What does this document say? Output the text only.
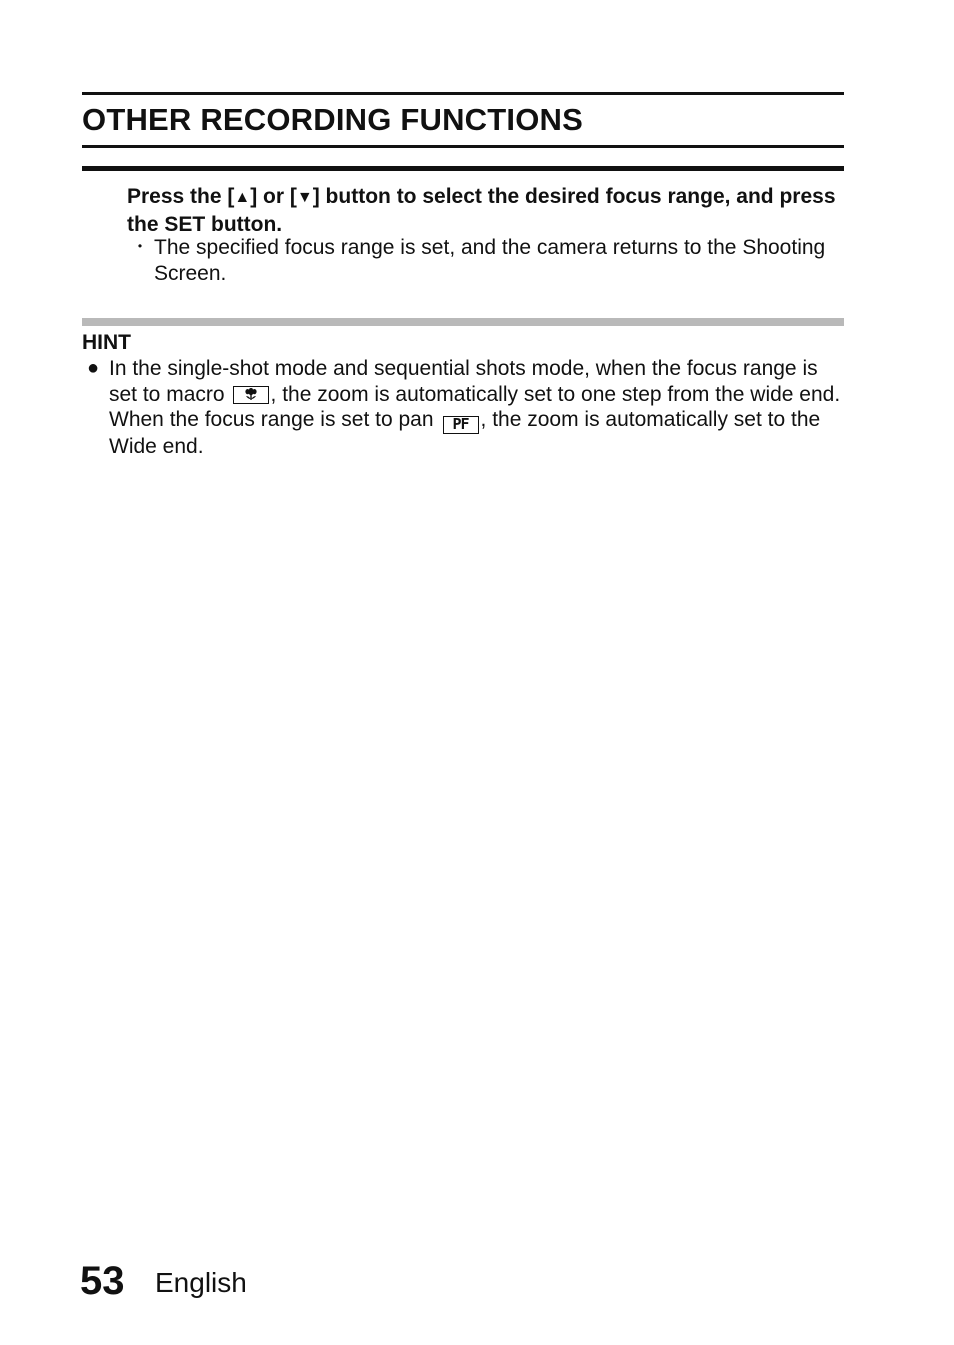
OTHER RECORDING FUNCTIONS

Press the [▲] or [▼] button to select the desired focus range, and press the SET button.

・ The specified focus range is set, and the camera returns to the Shooting Screen.
HINT
● In the single-shot mode and sequential shots mode, when the focus range is set to macro , the zoom is automatically set to one step from the wide end. When the focus range is set to pan PF , the zoom is automatically set to the Wide end.

53 English
